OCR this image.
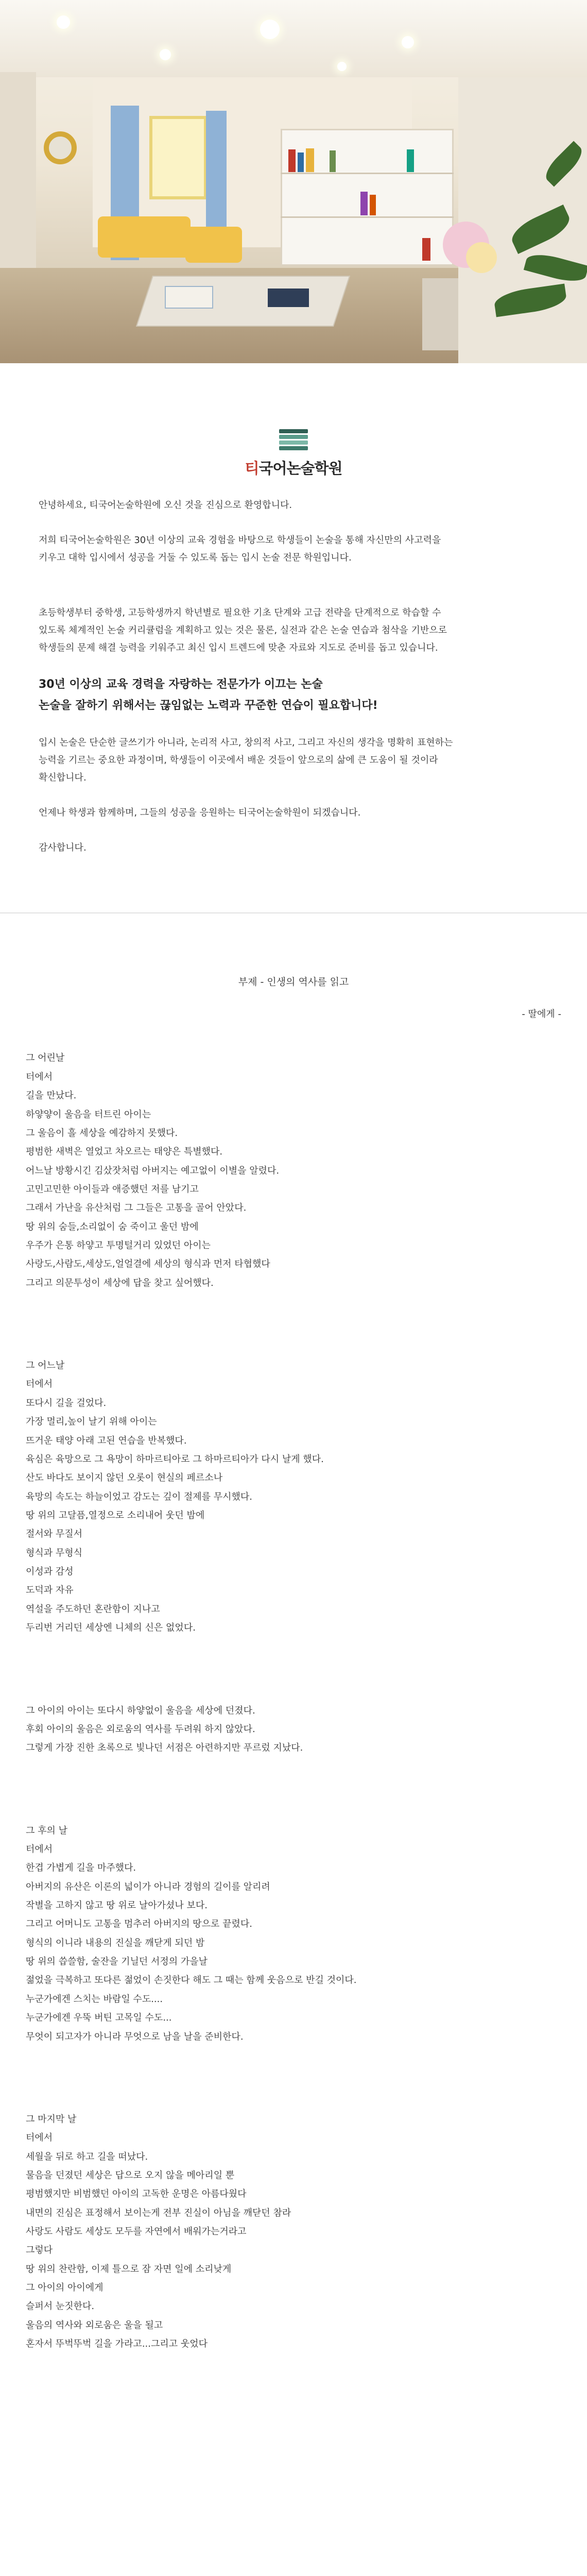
티국어논술학원

안녕하세요, 티국어논술학원에 오신 것을 진심으로 환영합니다.

저희 티국어논술학원은 30년 이상의 교육 경험을 바탕으로 학생들이 논술을 통해 자신만의 사고력을

키우고 대학 입시에서 성공을 거둘 수 있도록 돕는 입시 논술 전문 학원입니다.

초등학생부터 중학생, 고등학생까지 학년별로 필요한 기초 단계와 고급 전략을 단계적으로 학습할 수

있도록 체계적인 논술 커리큘럼을 계획하고 있는 것은 물론, 실전과 같은 논술 연습과 첨삭을 기반으로

학생들의 문제 해결 능력을 키워주고 최신 입시 트렌드에 맞춘 자료와 지도로 준비를 돕고 있습니다.

30년 이상의 교육 경력을 자랑하는 전문가가 이끄는 논술

논술을 잘하기 위해서는 끊임없는 노력과 꾸준한 연습이 필요합니다!

입시 논술은 단순한 글쓰기가 아니라, 논리적 사고, 창의적 사고, 그리고 자신의 생각을 명확히 표현하는

능력을 기르는 중요한 과정이며, 학생들이 이곳에서 배운 것들이 앞으로의 삶에 큰 도움이 될 것이라

확신합니다.

언제나 학생과 함께하며, 그들의 성공을 응원하는 티국어논술학원이 되겠습니다.

감사합니다.

부제 - 인생의 역사를 읽고
- 딸에게 -
그 어린날
터에서
길을 만났다.
하얗얗이 울음을 터트린 아이는
그 울음이 흘 세상을 예감하지 못했다.
평범한 새벽은 열었고 차오르는 태양은 특별했다.
어느날 방황시긴 김샀잣처럼 아버지는 예고없이 이별을 알렸다.
고민고민한 아이들과 애증했던 저를 남기고
그래서 가난을 유산처럼 그 그들은 고통을 골어 안았다.
땅 위의 숨들,소리없이 숨 죽이고 울던 밤에
우주가 은통 하얗고 투명털거리 있었던 아이는
사랑도,사람도,세상도,얼얼결에 세상의 형식과 먼저 타협했다
그리고 의문투성이 세상에 답을 찾고 싶어했다.
그 어느날
터에서
또다시 길을 걸었다.
가장 멀리,높이 날기 위해 아이는
뜨거운 태양 아래 고된 연습을 반복했다.
육심은 육망으로 그 욕망이 하마르티아로 그 하마르티아가 다시 날게 했다.
산도 바다도 보이지 않던 오롯이 현실의 페르소나
육망의 속도는 하늘이었고 감도는 깊이 절제를 무시했다.
땅 위의 고달픔,열정으로 소리내어 웃던 밤에
절서와 무질서
형식과 무형식
이성과 감성
도덕과 자유
역설을 주도하던 혼란함이 지나고
두리번 거리던 세상엔 니체의 신은 없었다.
그 아이의 아이는 또다시 하얗없이 울음을 세상에 던졌다.
후회 아이의 울음은 외로움의 역사를 두려워 하지 않았다.
그렇게 가장 진한 초록으로 빛나던 서점은 아련하지만 푸르렀 지났다.
그 후의 날
터에서
한겹 가볍게 길을 마주했다.
아버지의 유산은 이론의 넓이가 아니라 경험의 길이를 알리려
작별을 고하지 않고 땅 위로 날아가셨나 보다.
그리고 어머니도 고통을 멈추러 아버지의 땅으로 끝렸다.
형식의 이니라 내용의 진실을 깨닫게 되던 밤
땅 위의 씁쓸함, 술잔을 기닐던 서정의 가을날
젊었을 극복하고 또다른 젊었이 손짓한다 해도 그 때는 함께 웃음으로 반길 것이다.
누군가에겐 스치는 바람일 수도....
누군가에겐 우뚝 버틴 고목일 수도...
무엇이 되고자가 아니라 무엇으로 남을 날을 준비한다.
그 마지막 날
터에서
세월을 뒤로 하고 길을 떠났다.
물음을 던졌던 세상은 답으로 오지 않을 메아리일 뿐
평범했지만 비범했던 아이의 고독한 운명은 아름다웠다
내면의 진심은 표정해서 보이는게 전부 진실이 아님을 깨닫던 참라
사랑도 사람도 세상도 모두를 자연에서 배워가는거라고
그렇다
땅 위의 찬란함, 이제 틀으로 잠 자면 일에 소리낮게
그 아이의 아이에게
슬퍼서 눈짓한다.
울음의 역사와 외로움은 울을 될고
혼자서 뚜벅뚜벅 길을 가라고...그리고 웃었다
